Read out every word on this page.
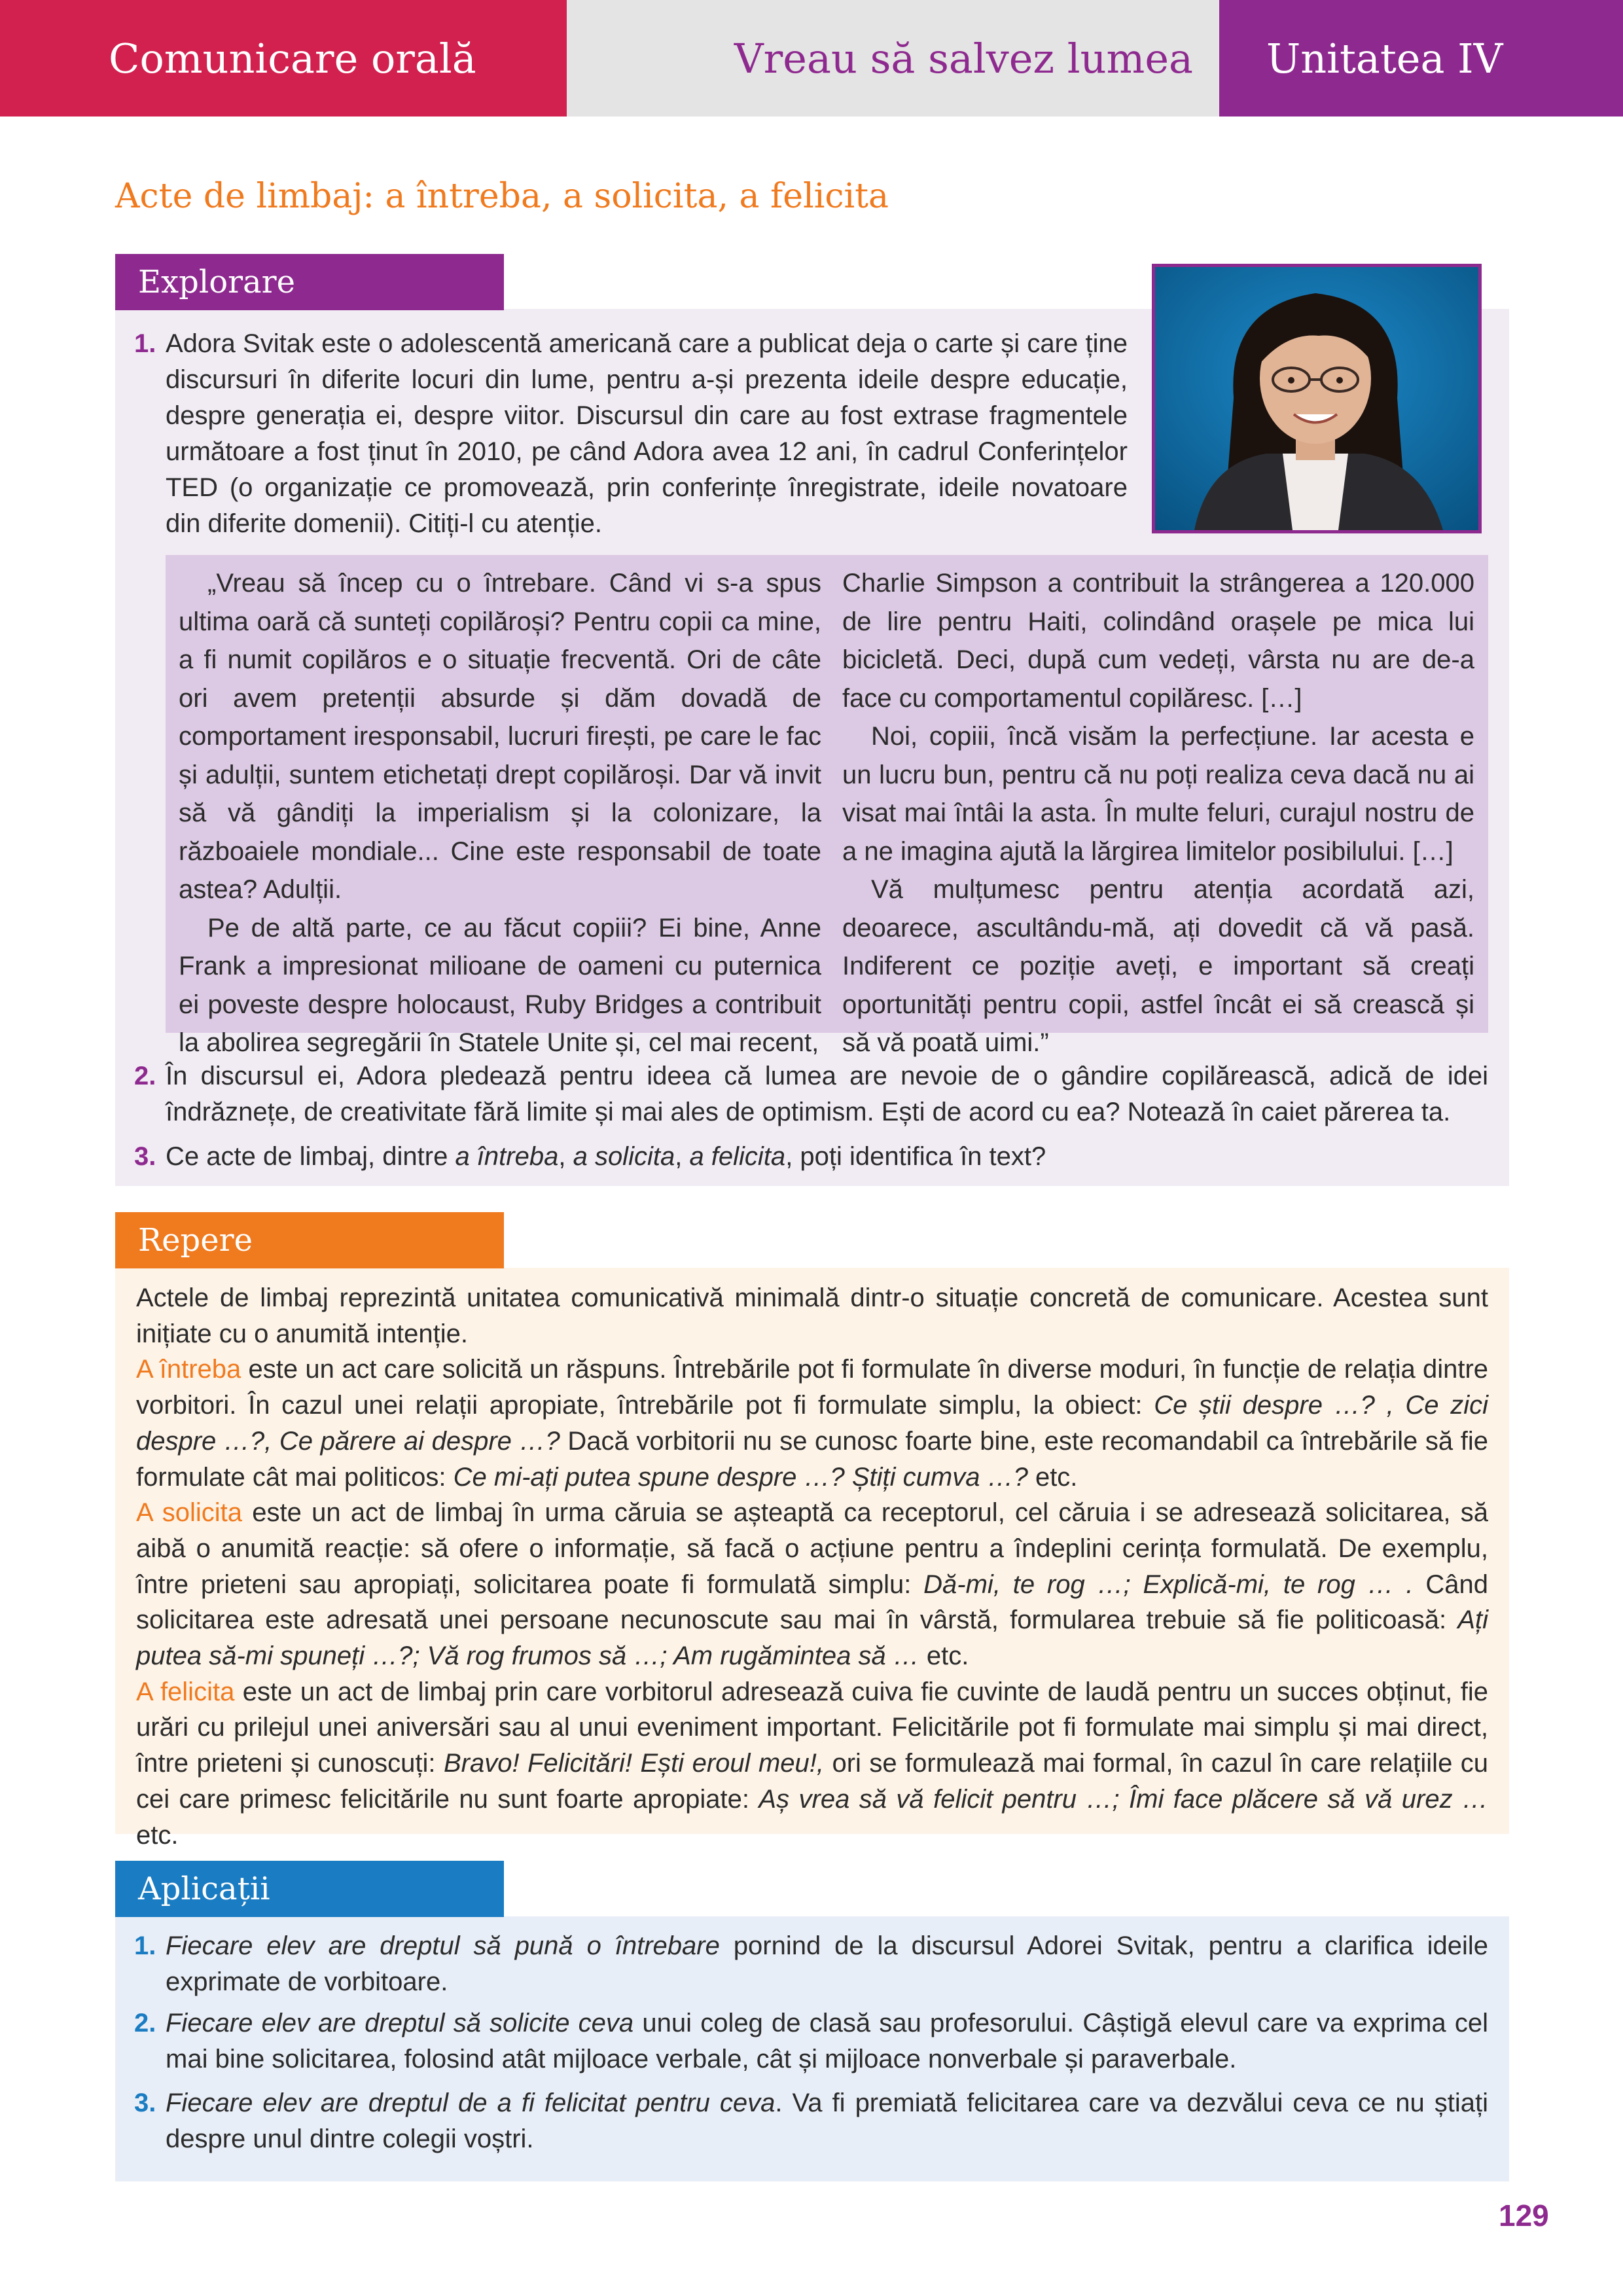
Comunicare orală	Vreau să salvez lumea Unitatea IV
Acte de limbaj: a întreba, a solicita, a felicita
Explorare
1. Adora Svitak este o adolescentă americană care a publicat deja o carte și care ține discursuri în diferite locuri din lume, pentru a-și prezenta ideile despre educație, despre generația ei, despre viitor. Discursul din care au fost extrase fragmentele următoare a fost ținut în 2010, pe când Adora avea 12 ani, în cadrul Conferințelor TED (o organizație ce promovează, prin conferințe înregistrate, ideile novatoare din diferite domenii). Citiți-l cu atenție.

„Vreau să încep cu o întrebare. Când vi s-a spus ultima oară că sunteți copilăroși? Pentru copii ca mine, a fi numit copilăros e o situație frecventă. Ori de câte ori avem pretenții absurde și dăm dovadă de comportament iresponsabil, lucruri firești, pe care le fac și adulții, suntem etichetați drept copilăroși. Dar vă invit să vă gândiți la imperialism și la colonizare, la războaiele mondiale... Cine este responsabil de toate astea? Adulții.

Pe de altă parte, ce au făcut copiii? Ei bine, Anne Frank a impresionat milioane de oameni cu puternica ei poveste despre holocaust, Ruby Bridges a contribuit la abolirea segregării în Statele Unite și, cel mai recent,

Charlie Simpson a contribuit la strângerea a 120.000 de lire pentru Haiti, colindând orașele pe mica lui bicicletă. Deci, după cum vedeți, vârsta nu are de-a face cu comportamentul copilăresc. […]

Noi, copiii, încă visăm la perfecțiune. Iar acesta e un lucru bun, pentru că nu poți realiza ceva dacă nu ai visat mai întâi la asta. În multe feluri, curajul nostru de a ne imagina ajută la lărgirea limitelor posibilului. […]

Vă mulțumesc pentru atenția acordată azi, deoarece, ascultându-mă, ați dovedit că vă pasă. Indiferent ce poziție aveți, e important să creați oportunități pentru copii, astfel încât ei să crească și să vă poată uimi.”

2. În discursul ei, Adora pledează pentru ideea că lumea are nevoie de o gândire copilărească, adică de idei îndrăznețe, de creativitate fără limite și mai ales de optimism. Ești de acord cu ea? Notează în caiet părerea ta.
3. Ce acte de limbaj, dintre a întreba, a solicita, a felicita, poți identifica în text?
Repere
Actele de limbaj reprezintă unitatea comunicativă minimală dintr-o situație concretă de comunicare. Acestea sunt inițiate cu o anumită intenție.
A întreba este un act care solicită un răspuns. Întrebările pot fi formulate în diverse moduri, în funcție de relația dintre vorbitori. În cazul unei relații apropiate, întrebările pot fi formulate simplu, la obiect: Ce știi despre …? , Ce zici despre …?, Ce părere ai despre …? Dacă vorbitorii nu se cunosc foarte bine, este recomandabil ca întrebările să fie formulate cât mai politicos: Ce mi-ați putea spune despre …? Știți cumva …? etc.
A solicita este un act de limbaj în urma căruia se așteaptă ca receptorul, cel căruia i se adresează solicitarea, să aibă o anumită reacție: să ofere o informație, să facă o acțiune pentru a îndeplini cerința formulată. De exemplu, între prieteni sau apropiați, solicitarea poate fi formulată simplu: Dă-mi, te rog …; Explică-mi, te rog … . Când solicitarea este adresată unei persoane necunoscute sau mai în vârstă, formularea trebuie să fie politicoasă: Ați putea să-mi spuneți …?; Vă rog frumos să …; Am rugămintea să … etc.
A felicita este un act de limbaj prin care vorbitorul adresează cuiva fie cuvinte de laudă pentru un succes obținut, fie urări cu prilejul unei aniversări sau al unui eveniment important. Felicitările pot fi formulate mai simplu și mai direct, între prieteni și cunoscuți: Bravo! Felicitări! Ești eroul meu!, ori se formulează mai formal, în cazul în care relațiile cu cei care primesc felicitările nu sunt foarte apropiate: Aș vrea să vă felicit pentru …; Îmi face plăcere să vă urez … etc.
Aplicații
1. Fiecare elev are dreptul să pună o întrebare pornind de la discursul Adorei Svitak, pentru a clarifica ideile exprimate de vorbitoare.
2. Fiecare elev are dreptul să solicite ceva unui coleg de clasă sau profesorului. Câștigă elevul care va exprima cel mai bine solicitarea, folosind atât mijloace verbale, cât și mijloace nonverbale și paraverbale.
3. Fiecare elev are dreptul de a fi felicitat pentru ceva. Va fi premiată felicitarea care va dezvălui ceva ce nu știați despre unul dintre colegii voștri.
129
